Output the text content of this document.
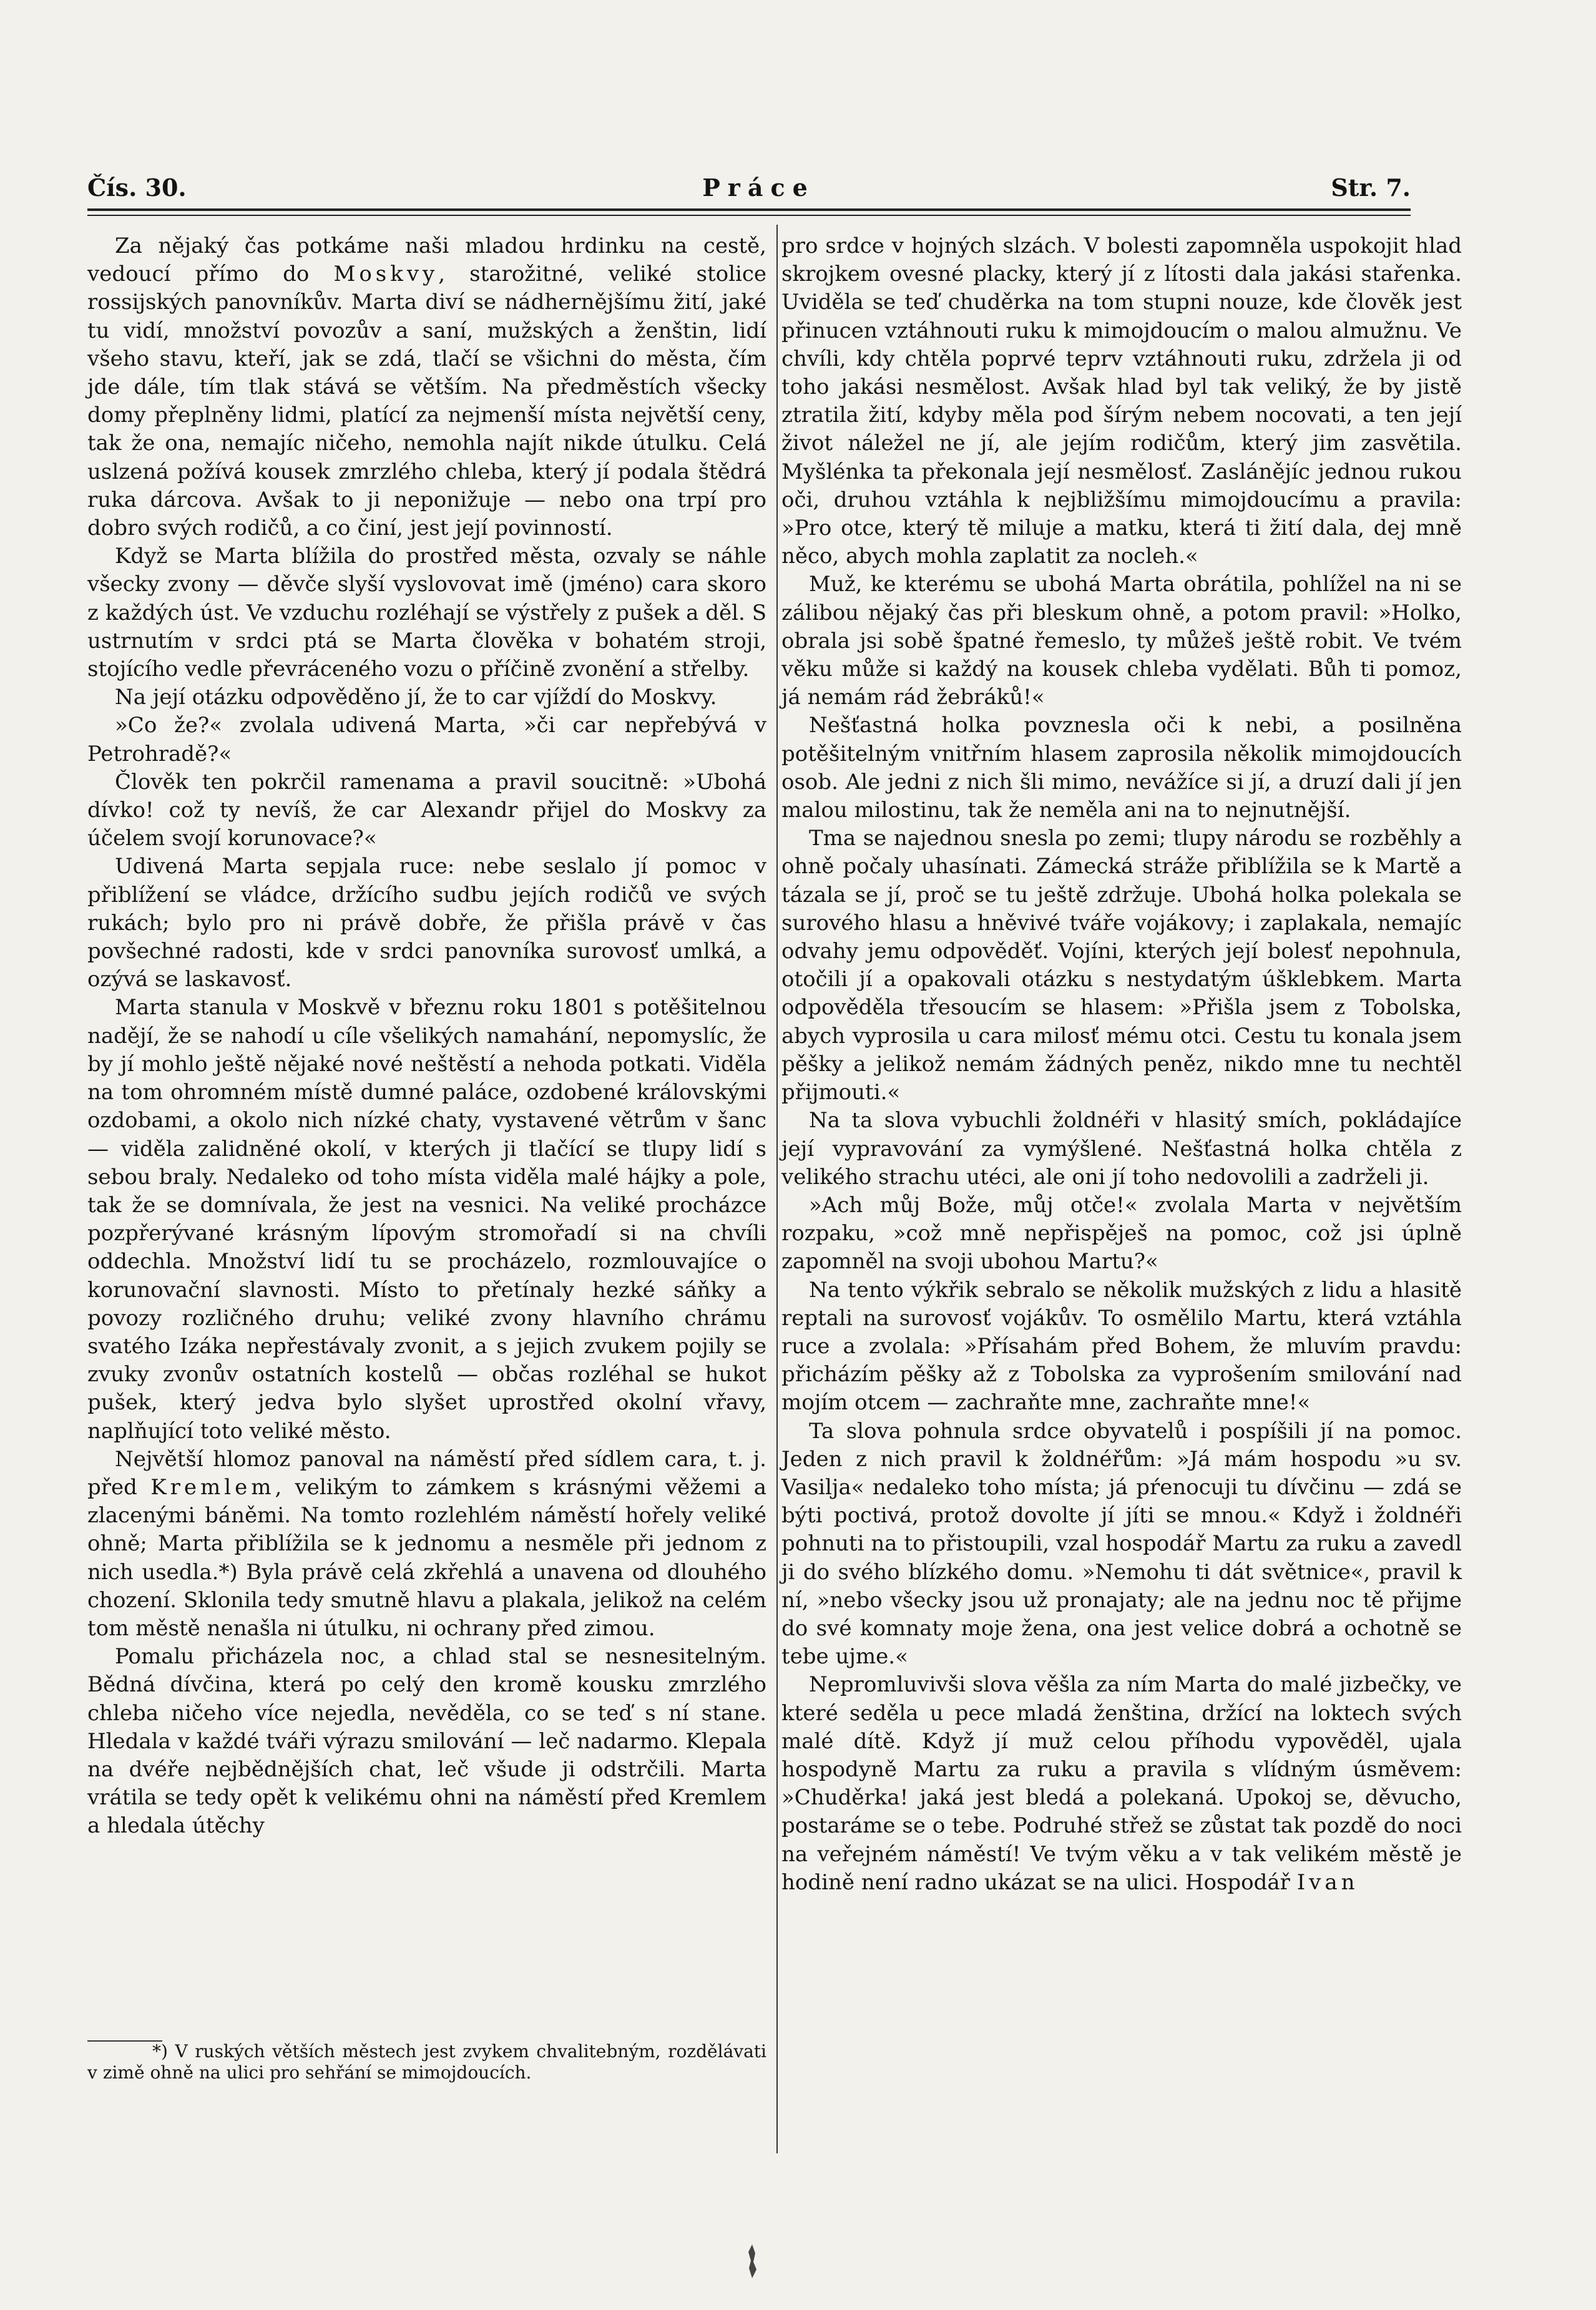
Čís. 30.	Práce	Str. 7.

Za nějaký čas potkáme naši mladou hrdinku na cestě, vedoucí přímo do Moskvy, starožitné, veliké stolice rossijských panovníkův. Marta diví se nádhernějšímu žití, jaké tu vidí, množství povozův a saní, mužských a ženštin, lidí všeho stavu, kteří, jak se zdá, tlačí se všichni do města, čím jde dále, tím tlak stává se větším. Na předměstích všecky domy přeplněny lidmi, platící za nejmenší místa největší ceny, tak že ona, nemajíc ničeho, nemohla najít nikde útulku. Celá uslzená požívá kousek zmrzlého chleba, který jí podala štědrá ruka dárcova. Avšak to ji neponižuje — nebo ona trpí pro dobro svých rodičů, a co činí, jest její povinností.

Když se Marta blížila do prostřed města, ozvaly se náhle všecky zvony — děvče slyší vyslovovat imě (jméno) cara skoro z každých úst. Ve vzduchu rozléhají se výstřely z pušek a děl. S ustrnutím v srdci ptá se Marta člověka v bohatém stroji, stojícího vedle převráceného vozu o příčině zvonění a střelby.

Na její otázku odpověděno jí, že to car vjíždí do Moskvy.

»Co že?« zvolala udivená Marta, »či car nepřebývá v Petrohradě?«

Člověk ten pokrčil ramenama a pravil soucitně: »Ubohá dívko! což ty nevíš, že car Alexandr přijel do Moskvy za účelem svojí korunovace?«

Udivená Marta sepjala ruce: nebe seslalo jí pomoc v přiblížení se vládce, držícího sudbu jejích rodičů ve svých rukách; bylo pro ni právě dobře, že přišla právě v čas povšechné radosti, kde v srdci panovníka surovosť umlká, a ozývá se laskavosť.

Marta stanula v Moskvě v březnu roku 1801 s potěšitelnou nadějí, že se nahodí u cíle všelikých namahání, nepomyslíc, že by jí mohlo ještě nějaké nové neštěstí a nehoda potkati. Viděla na tom ohromném místě dumné paláce, ozdobené královskými ozdobami, a okolo nich nízké chaty, vystavené větrům v šanc — viděla zalidněné okolí, v kterých ji tlačící se tlupy lidí s sebou braly. Nedaleko od toho místa viděla malé hájky a pole, tak že se domnívala, že jest na vesnici. Na veliké procházce pozpřerývané krásným lípovým stromořadí si na chvíli oddechla. Množství lidí tu se procházelo, rozmlouvajíce o korunovační slavnosti. Místo to přetínaly hezké sáňky a povozy rozličného druhu; veliké zvony hlavního chrámu svatého Izáka nepřestávaly zvonit, a s jejich zvukem pojily se zvuky zvonův ostatních kostelů — občas rozléhal se hukot pušek, který jedva bylo slyšet uprostřed okolní vřavy, naplňující toto veliké město.

Největší hlomoz panoval na náměstí před sídlem cara, t. j. před Kremlem, velikým to zámkem s krásnými věžemi a zlacenými báněmi. Na tomto rozlehlém náměstí hořely veliké ohně; Marta přiblížila se k jednomu a nesměle při jednom z nich usedla.*) Byla právě celá zkřehlá a unavena od dlouhého chození. Sklonila tedy smutně hlavu a plakala, jelikož na celém tom městě nenašla ni útulku, ni ochrany před zimou.

Pomalu přicházela noc, a chlad stal se nesnesitelným. Bědná dívčina, která po celý den kromě kousku zmrzlého chleba ničeho více nejedla, nevěděla, co se teď s ní stane. Hledala v každé tváři výrazu smilování — leč nadarmo. Klepala na dvéře nejbědnějších chat, leč všude ji odstrčili. Marta vrátila se tedy opět k velikému ohni na náměstí před Kremlem a hledala útěchy

*) V ruských větších městech jest zvykem chvalitebným, rozdělávati v zimě ohně na ulici pro sehřání se mimojdoucích.

pro srdce v hojných slzách. V bolesti zapomněla uspokojit hlad skrojkem ovesné placky, který jí z lítosti dala jakási stařenka. Uviděla se teď chuděrka na tom stupni nouze, kde člověk jest přinucen vztáhnouti ruku k mimojdoucím o malou almužnu. Ve chvíli, kdy chtěla poprvé teprv vztáhnouti ruku, zdržela ji od toho jakási nesmělost. Avšak hlad byl tak veliký, že by jistě ztratila žití, kdyby měla pod šírým nebem nocovati, a ten její život náležel ne jí, ale jejím rodičům, který jim zasvětila. Myšlénka ta překonala její nesmělosť. Zaslánějíc jednou rukou oči, druhou vztáhla k nejbližšímu mimojdoucímu a pravila: »Pro otce, který tě miluje a matku, která ti žití dala, dej mně něco, abych mohla zaplatit za nocleh.«

Muž, ke kterému se ubohá Marta obrátila, pohlížel na ni se zálibou nějaký čas při bleskum ohně, a potom pravil: »Holko, obrala jsi sobě špatné řemeslo, ty můžeš ještě robit. Ve tvém věku může si každý na kousek chleba vydělati. Bůh ti pomoz, já nemám rád žebráků!«

Nešťastná holka povznesla oči k nebi, a posilněna potěšitelným vnitřním hlasem zaprosila několik mimojdoucích osob. Ale jedni z nich šli mimo, nevážíce si jí, a druzí dali jí jen malou milostinu, tak že neměla ani na to nejnutnější.

Tma se najednou snesla po zemi; tlupy národu se rozběhly a ohně počaly uhasínati. Zámecká stráže přiblížila se k Martě a tázala se jí, proč se tu ještě zdržuje. Ubohá holka polekala se surového hlasu a hněvivé tváře vojákovy; i zaplakala, nemajíc odvahy jemu odpověděť. Vojíni, kterých její bolesť nepohnula, otočili jí a opakovali otázku s nestydatým úšklebkem. Marta odpověděla třesoucím se hlasem: »Přišla jsem z Tobolska, abych vyprosila u cara milosť mému otci. Cestu tu konala jsem pěšky a jelikož nemám žádných peněz, nikdo mne tu nechtěl přijmouti.«

Na ta slova vybuchli žoldnéři v hlasitý smích, pokládajíce její vypravování za vymýšlené. Nešťastná holka chtěla z velikého strachu utéci, ale oni jí toho nedovolili a zadrželi ji.

»Ach můj Bože, můj otče!« zvolala Marta v největším rozpaku, »což mně nepřispěješ na pomoc, což jsi úplně zapomněl na svoji ubohou Martu?«

Na tento výkřik sebralo se několik mužských z lidu a hlasitě reptali na surovosť vojákův. To osmělilo Martu, která vztáhla ruce a zvolala: »Přísahám před Bohem, že mluvím pravdu: přicházím pěšky až z Tobolska za vyprošením smilování nad mojím otcem — zachraňte mne, zachraňte mne!«

Ta slova pohnula srdce obyvatelů i pospíšili jí na pomoc. Jeden z nich pravil k žoldnéřům: »Já mám hospodu »u sv. Vasilja« nedaleko toho místa; já pŕenocuji tu dívčinu — zdá se býti poctivá, protož dovolte jí jíti se mnou.« Když i žoldnéři pohnuti na to přistoupili, vzal hospodář Martu za ruku a zavedl ji do svého blízkého domu. »Nemohu ti dát světnice«, pravil k ní, »nebo všecky jsou už pronajaty; ale na jednu noc tě přijme do své komnaty moje žena, ona jest velice dobrá a ochotně se tebe ujme.«

Nepromluvivši slova věšla za ním Marta do malé jizbečky, ve které seděla u pece mladá ženština, držící na loktech svých malé dítě. Když jí muž celou příhodu vypověděl, ujala hospodyně Martu za ruku a pravila s vlídným úsměvem: »Chuděrka! jaká jest bledá a polekaná. Upokoj se, děvucho, postaráme se o tebe. Podruhé střež se zůstat tak pozdě do noci na veřejném náměstí! Ve tvým věku a v tak velikém městě je hodině není radno ukázat se na ulici. Hospodář Ivan
